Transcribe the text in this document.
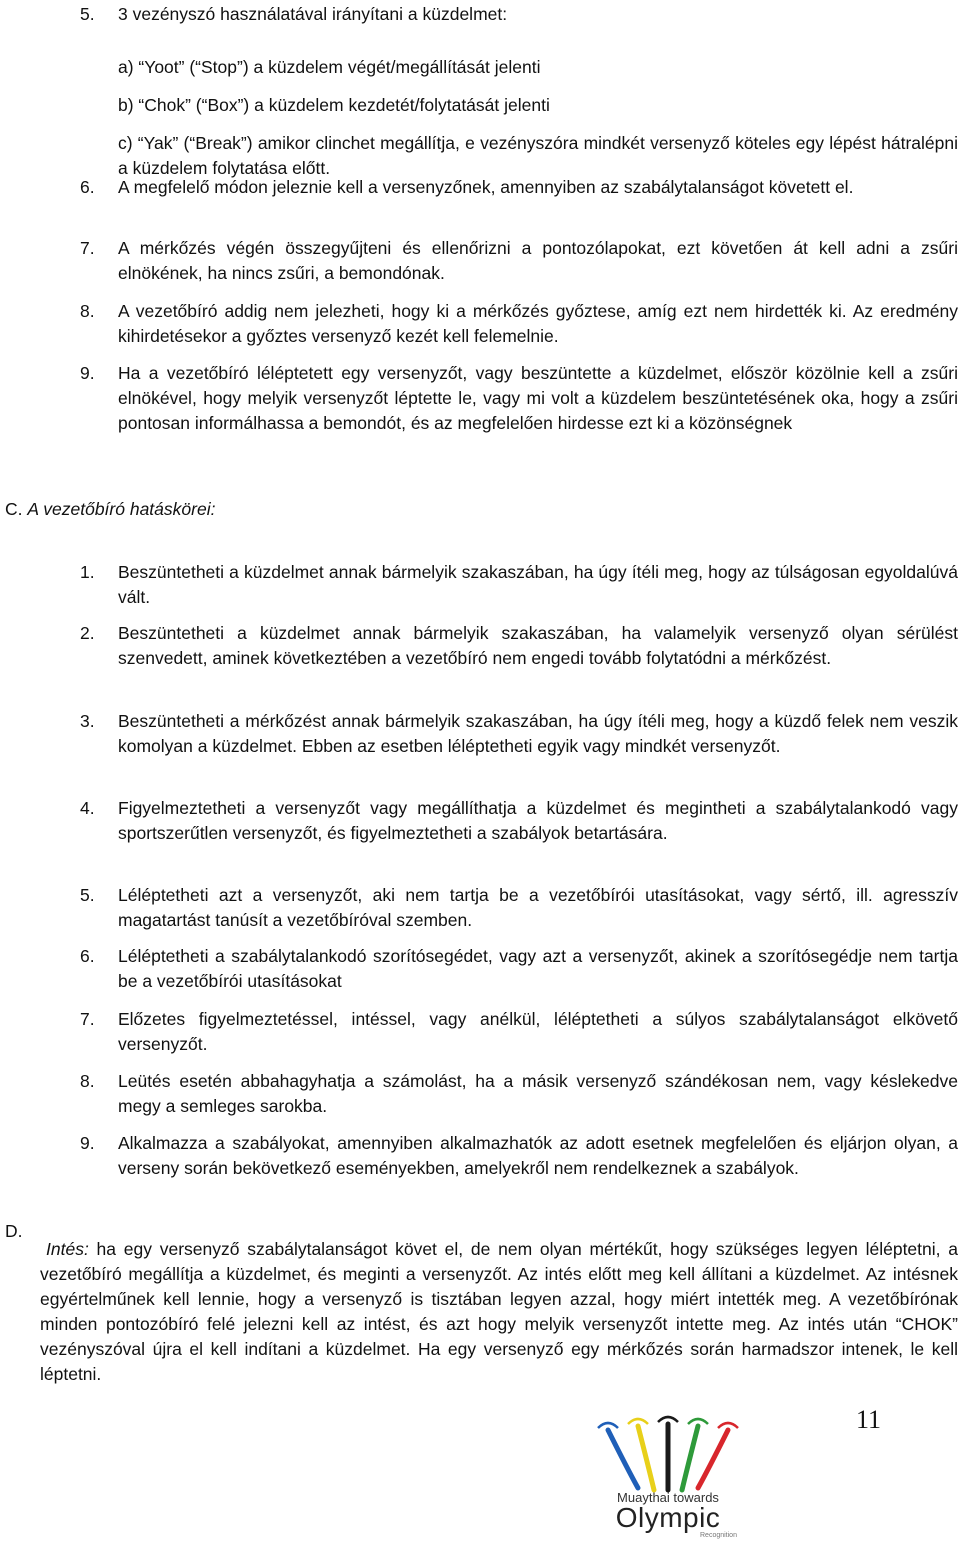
5. 3 vezényszó használatával irányítani a küzdelmet:

a) “Yoot” (“Stop”) a küzdelem végét/megállítását jelenti

b) “Chok” (“Box”) a küzdelem kezdetét/folytatását jelenti

c) “Yak” (“Break”) amikor clinchet megállítja, e vezényszóra mindkét versenyző köteles egy lépést hátralépni a küzdelem folytatása előtt.

6. A megfelelő módon jeleznie kell a versenyzőnek, amennyiben az szabálytalanságot követett el.

7. A mérkőzés végén összegyűjteni és ellenőrizni a pontozólapokat, ezt követően át kell adni a zsűri elnökének, ha nincs zsűri, a bemondónak.

8. A vezetőbíró addig nem jelezheti, hogy ki a mérkőzés győztese, amíg ezt nem hirdették ki. Az eredmény kihirdetésekor a győztes versenyző kezét kell felemelnie.

9. Ha a vezetőbíró léléptetett egy versenyzőt, vagy beszüntette a küzdelmet, először közölnie kell a zsűri elnökével, hogy melyik versenyzőt léptette le, vagy mi volt a küzdelem beszüntetésének oka, hogy a zsűri pontosan informálhassa a bemondót, és az megfelelően hirdesse ezt ki a közönségnek

C. A vezetőbíró hatáskörei:
1. Beszüntetheti a küzdelmet annak bármelyik szakaszában, ha úgy ítéli meg, hogy az túlságosan egyoldalúvá vált.

2. Beszüntetheti a küzdelmet annak bármelyik szakaszában, ha valamelyik versenyző olyan sérülést szenvedett, aminek következtében a vezetőbíró nem engedi tovább folytatódni a mérkőzést.

3. Beszüntetheti a mérkőzést annak bármelyik szakaszában, ha úgy ítéli meg, hogy a küzdő felek nem veszik komolyan a küzdelmet. Ebben az esetben léléptetheti egyik vagy mindkét versenyzőt.

4. Figyelmeztetheti a versenyzőt vagy megállíthatja a küzdelmet és megintheti a szabálytalankodó vagy sportszerűtlen versenyzőt, és figyelmeztetheti a szabályok betartására.

5. Léléptetheti azt a versenyzőt, aki nem tartja be a vezetőbírói utasításokat, vagy sértő, ill. agresszív magatartást tanúsít a vezetőbíróval szemben.

6. Léléptetheti a szabálytalankodó szorítósegédet, vagy azt a versenyzőt, akinek a szorítósegédje nem tartja be a vezetőbírói utasításokat

7. Előzetes figyelmeztetéssel, intéssel, vagy anélkül, léléptetheti a súlyos szabálytalanságot elkövető versenyzőt.

8. Leütés esetén abbahagyhatja a számolást, ha a másik versenyző szándékosan nem, vagy késlekedve megy a semleges sarokba.

9. Alkalmazza a szabályokat, amennyiben alkalmazhatók az adott esetnek megfelelően és eljárjon olyan, a verseny során bekövetkező eseményekben, amelyekről nem rendelkeznek a szabályok.

D.

Intés: ha egy versenyző szabálytalanságot követ el, de nem olyan mértékűt, hogy szükséges legyen léléptetni, a vezetőbíró megállítja a küzdelmet, és meginti a versenyzőt. Az intés előtt meg kell állítani a küzdelmet. Az intésnek egyértelműnek kell lennie, hogy a versenyző is tisztában legyen azzal, hogy miért intették meg. A vezetőbírónak minden pontozóbíró felé jelezni kell az intést, és azt hogy melyik versenyzőt intette meg. Az intés után “CHOK” vezényszóval újra el kell indítani a küzdelmet. Ha egy versenyző egy mérkőzés során harmadszor intenek, le kell léptetni.

11
Muaythai towards
Olympic
Recognition
